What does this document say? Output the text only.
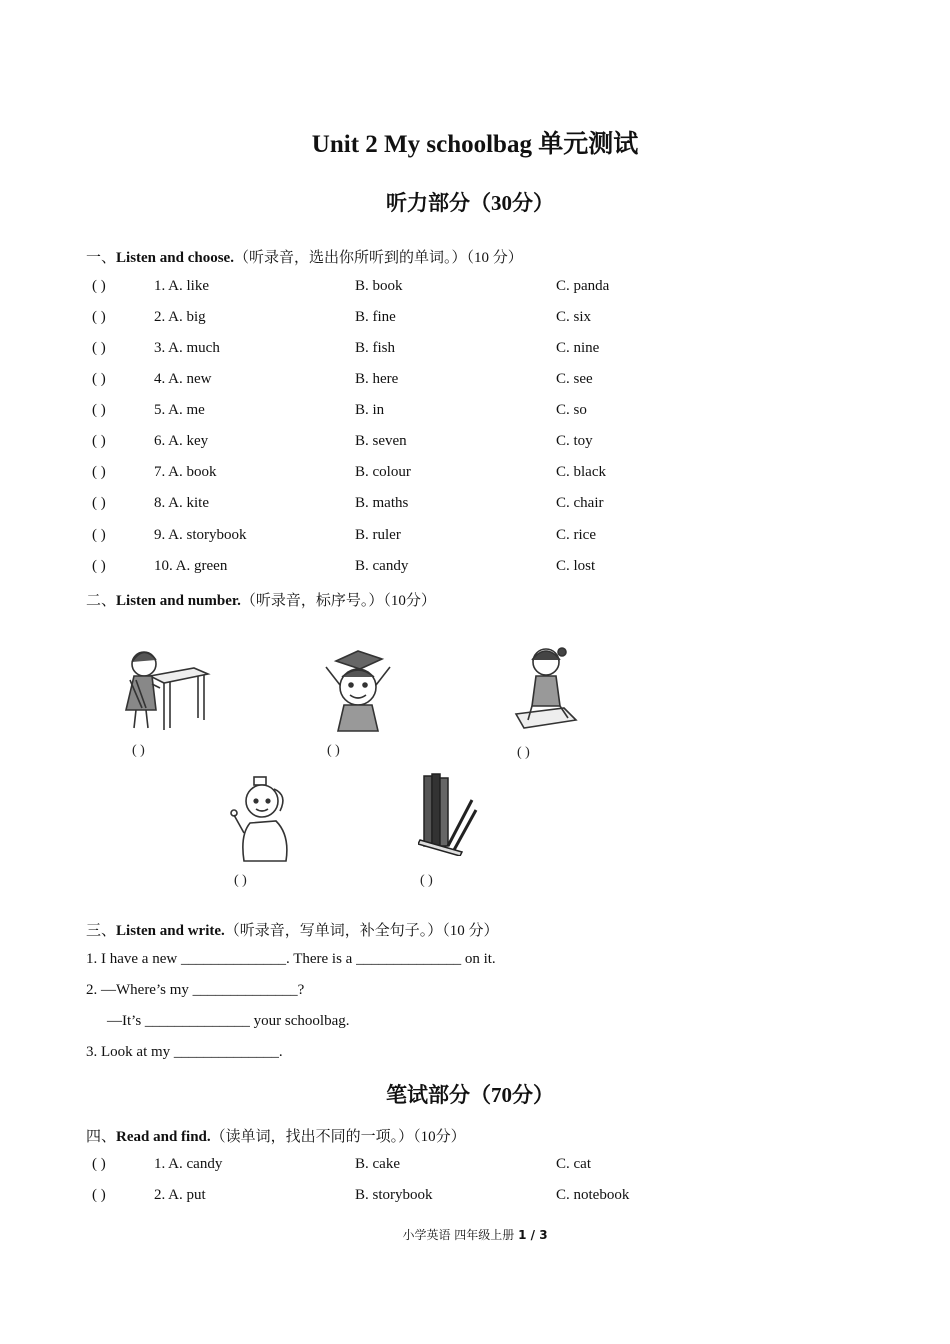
Unit 2 My schoolbag 单元测试
听力部分（30分）
一、Listen and choose.（听录音，选出你所听到的单词。）（10 分）
( )	1. A. like	B. book	C. panda
( )	2. A. big	B. fine	C. six
( )	3. A. much	B. fish	C. nine
( )	4. A. new	B. here	C. see
( )	5. A. me	B. in	C. so
( )	6. A. key	B. seven	C. toy
( )	7. A. book	B. colour	C. black
( )	8. A. kite	B. maths	C. chair
( )	9. A. storybook	B. ruler	C. rice
( )	10. A. green	B. candy	C. lost
二、Listen and number.（听录音，标序号。）（10分）
( )	( )	( )
( )	( )
三、Listen and write.（听录音，写单词，补全句子。）（10 分）
1. I have a new ______________. There is a ______________ on it.
2. —Where’s my ______________?
—It’s ______________ your schoolbag.
3. Look at my ______________.
笔试部分（70分）
四、Read and find.（读单词，找出不同的一项。）（10分）
( )	1. A. candy	B. cake	C. cat
( )	2. A. put	B. storybook	C. notebook
小学英语 四年级上册 1 / 3
